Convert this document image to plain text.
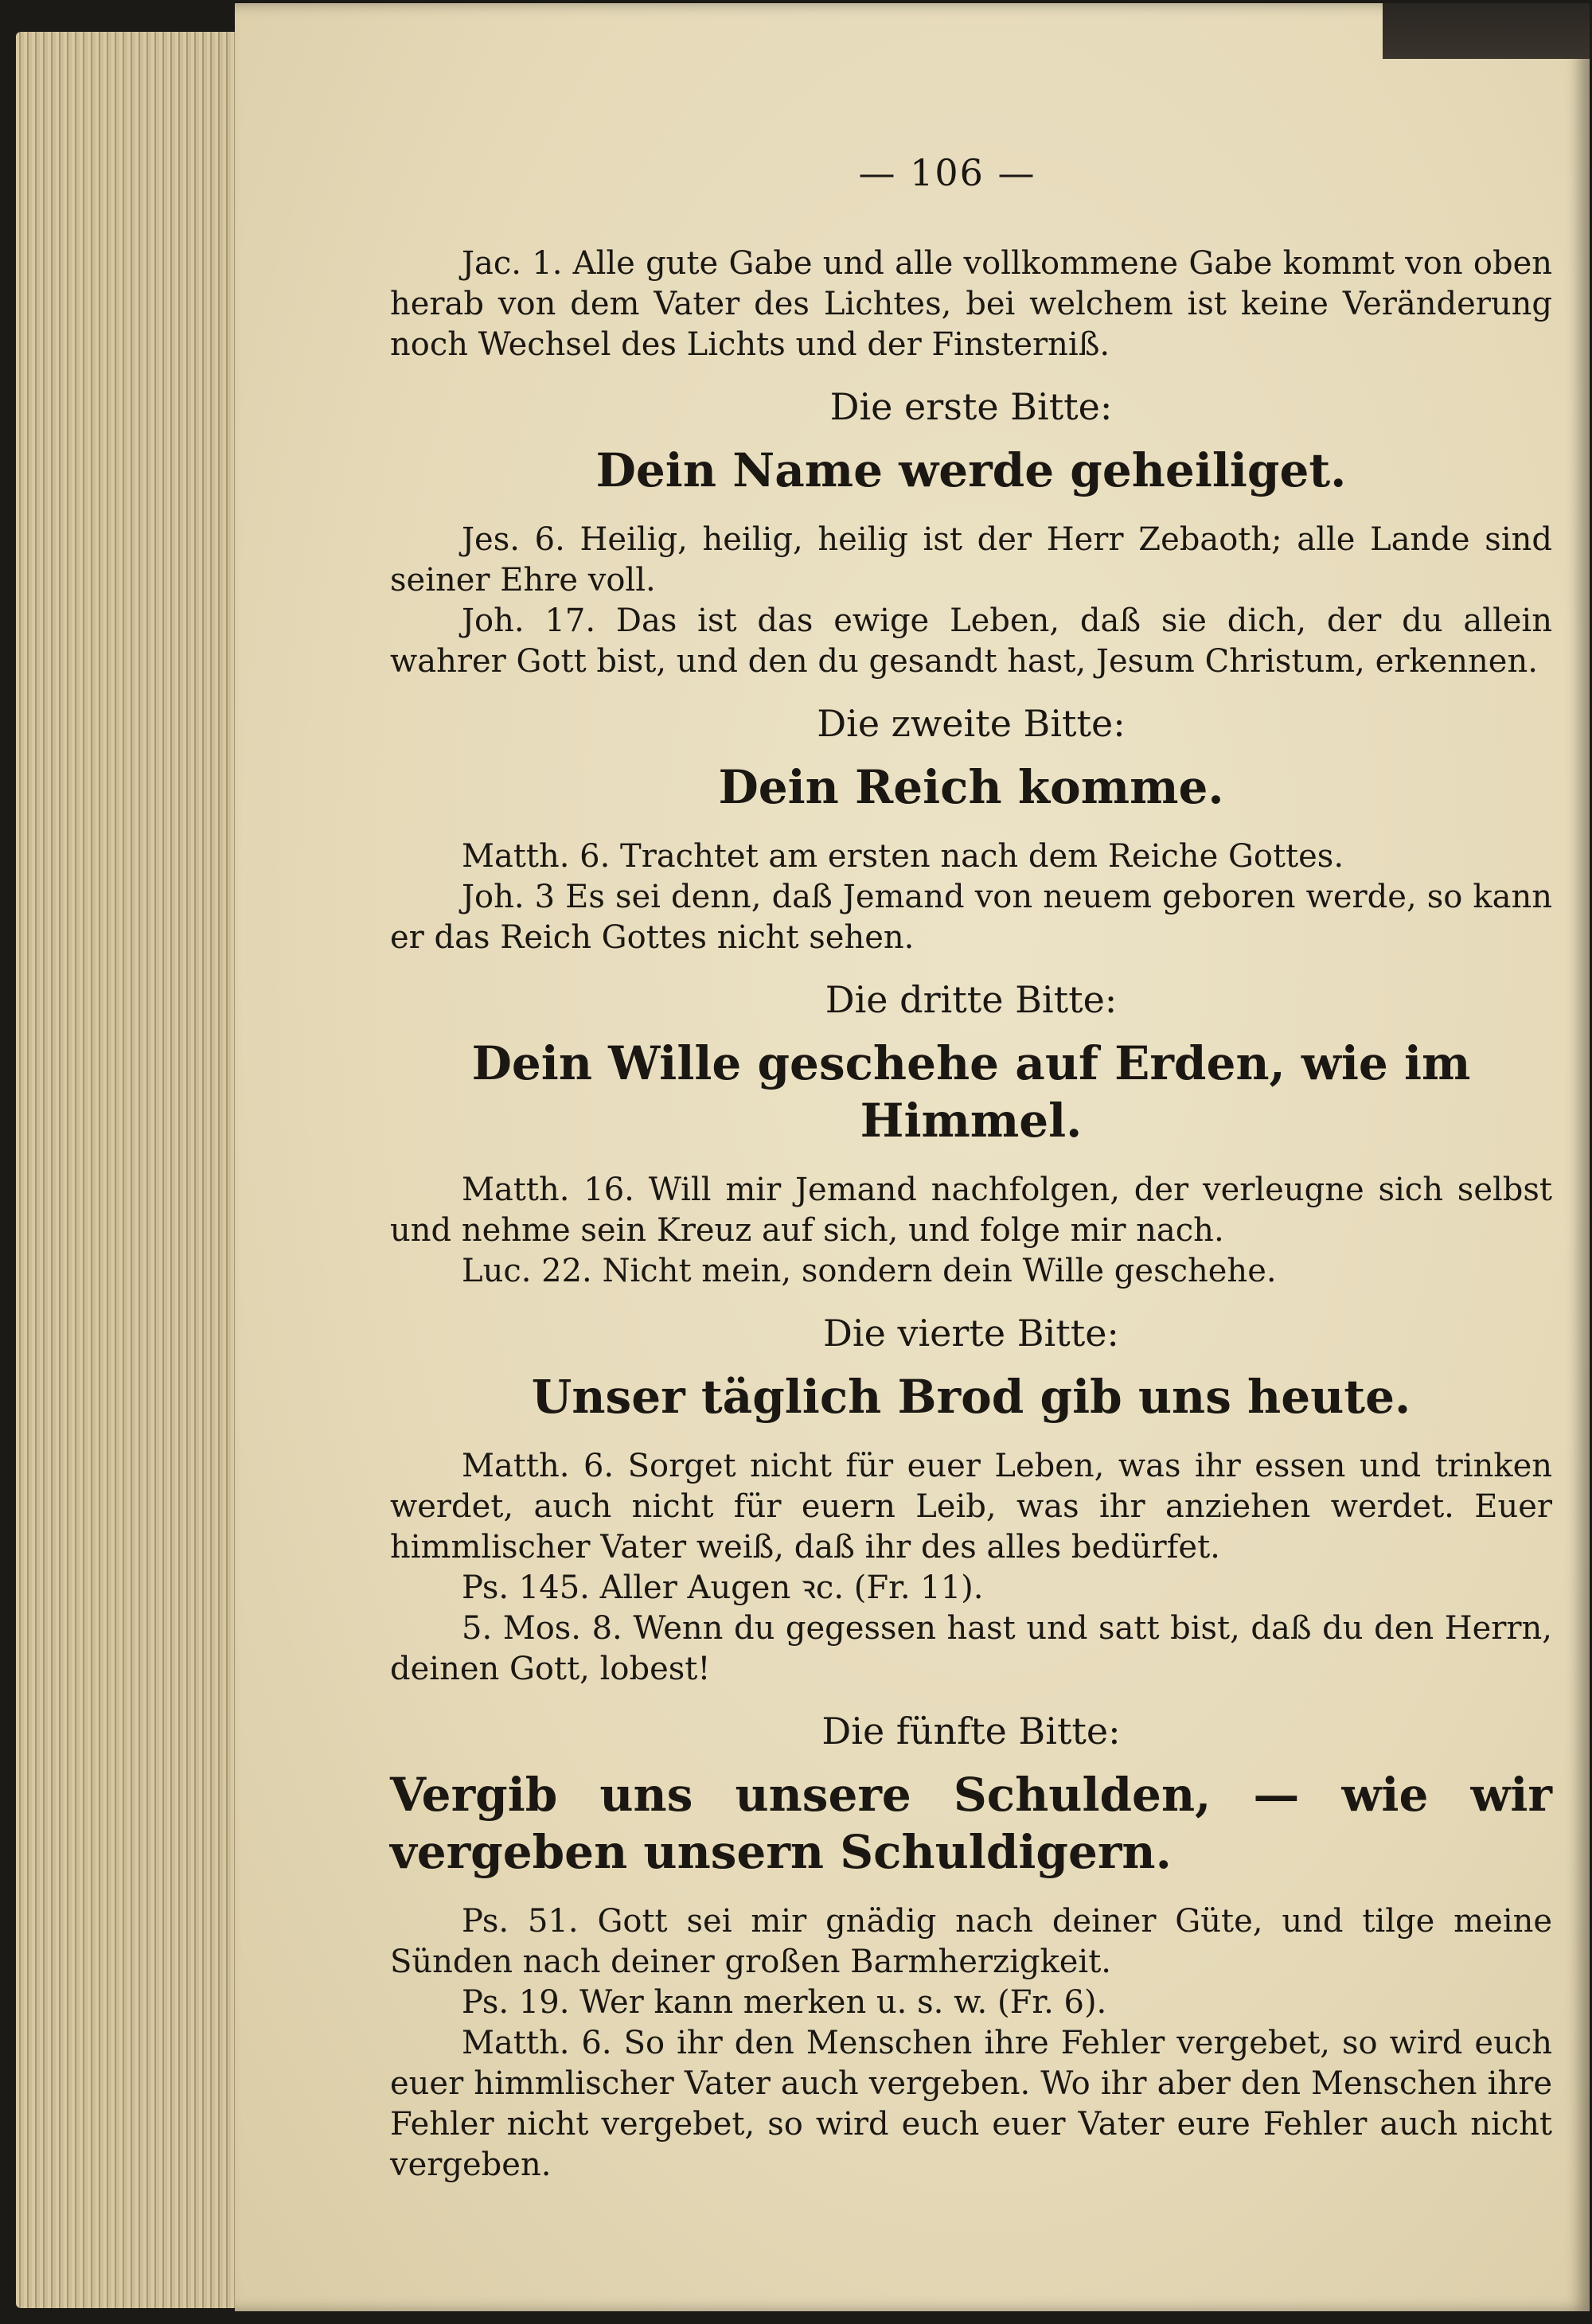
— 106 —

Jac. 1. Alle gute Gabe und alle vollkommene Gabe kommt von oben herab von dem Vater des Lichtes, bei welchem ist keine Veränderung noch Wechsel des Lichts und der Finsterniß.

Die erste Bitte:
Dein Name werde geheiliget.

Jes. 6. Heilig, heilig, heilig ist der Herr Zebaoth; alle Lande sind seiner Ehre voll.

Joh. 17. Das ist das ewige Leben, daß sie dich, der du allein wahrer Gott bist, und den du gesandt hast, Jesum Christum, erkennen.

Die zweite Bitte:
Dein Reich komme.

Matth. 6. Trachtet am ersten nach dem Reiche Gottes.

Joh. 3 Es sei denn, daß Jemand von neuem geboren werde, so kann er das Reich Gottes nicht sehen.

Die dritte Bitte:
Dein Wille geschehe auf Erden, wie im Himmel.

Matth. 16. Will mir Jemand nachfolgen, der verleugne sich selbst und nehme sein Kreuz auf sich, und folge mir nach.

Luc. 22. Nicht mein, sondern dein Wille geschehe.

Die vierte Bitte:
Unser täglich Brod gib uns heute.

Matth. 6. Sorget nicht für euer Leben, was ihr essen und trinken werdet, auch nicht für euern Leib, was ihr anziehen werdet. Euer himmlischer Vater weiß, daß ihr des alles bedürfet.

Ps. 145. Aller Augen ꝛc. (Fr. 11).

5. Mos. 8. Wenn du gegessen hast und satt bist, daß du den Herrn, deinen Gott, lobest!

Die fünfte Bitte:
Vergib uns unsere Schulden, — wie wir vergeben unsern Schuldigern.

Ps. 51. Gott sei mir gnädig nach deiner Güte, und tilge meine Sünden nach deiner großen Barmherzigkeit.

Ps. 19. Wer kann merken u. s. w. (Fr. 6).

Matth. 6. So ihr den Menschen ihre Fehler vergebet, so wird euch euer himmlischer Vater auch vergeben. Wo ihr aber den Menschen ihre Fehler nicht vergebet, so wird euch euer Vater eure Fehler auch nicht vergeben.
